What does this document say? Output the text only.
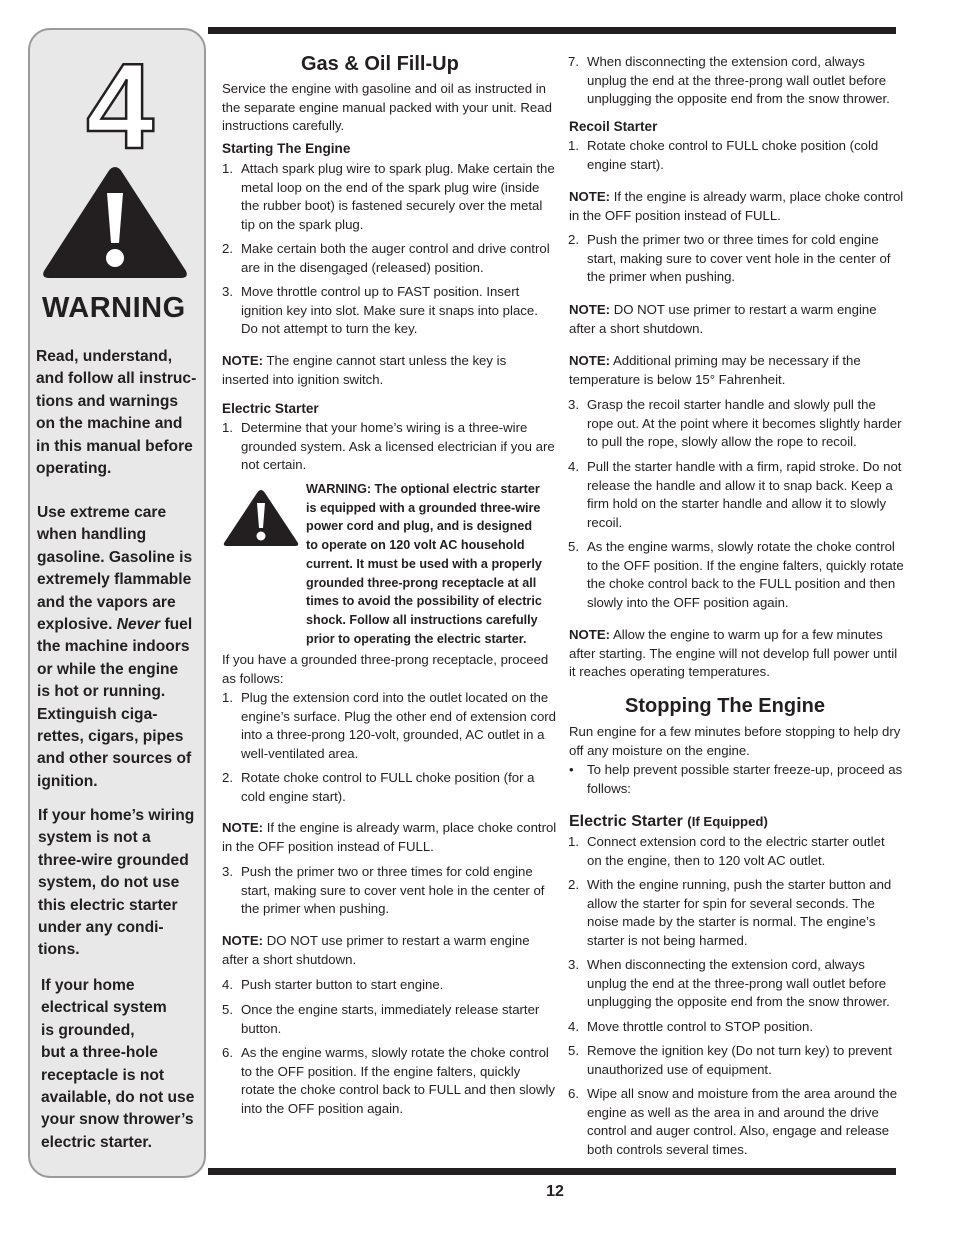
4
WARNING
Read, understand,
and follow all instruc-
tions and warnings
on the machine and
in this manual before
operating.
Use extreme care
when handling
gasoline. Gasoline is
extremely flammable
and the vapors are
explosive. Never fuel
the machine indoors
or while the engine
is hot or running.
Extinguish ciga-
rettes, cigars, pipes
and other sources of
ignition.
If your home’s wiring
system is not a
three-wire grounded
system, do not use
this electric starter
under any condi-
tions.
If your home
electrical system
is grounded,
but a three-hole
receptacle is not
available, do not use
your snow thrower’s
electric starter.
Gas & Oil Fill-Up
Service the engine with gasoline and oil as instructed in
the separate engine manual packed with your unit. Read
instructions carefully.
Starting The Engine
1. Attach spark plug wire to spark plug. Make certain the
metal loop on the end of the spark plug wire (inside
the rubber boot) is fastened securely over the metal
tip on the spark plug.
2. Make certain both the auger control and drive control
are in the disengaged (released) position.
3. Move throttle control up to FAST position. Insert
ignition key into slot. Make sure it snaps into place.
Do not attempt to turn the key.
NOTE: The engine cannot start unless the key is
inserted into ignition switch.
Electric Starter
1. Determine that your home’s wiring is a three-wire
grounded system. Ask a licensed electrician if you are
not certain.
WARNING: The optional electric starter
is equipped with a grounded three-wire
power cord and plug, and is designed
to operate on 120 volt AC household
current. It must be used with a properly
grounded three-prong receptacle at all
times to avoid the possibility of electric
shock. Follow all instructions carefully
prior to operating the electric starter.
If you have a grounded three-prong receptacle, proceed
as follows:
1. Plug the extension cord into the outlet located on the
engine’s surface. Plug the other end of extension cord
into a three-prong 120-volt, grounded, AC outlet in a
well-ventilated area.
2. Rotate choke control to FULL choke position (for a
cold engine start).
NOTE: If the engine is already warm, place choke control
in the OFF position instead of FULL.
3. Push the primer two or three times for cold engine
start, making sure to cover vent hole in the center of
the primer when pushing.
NOTE: DO NOT use primer to restart a warm engine
after a short shutdown.
4. Push starter button to start engine.
5. Once the engine starts, immediately release starter
button.
6. As the engine warms, slowly rotate the choke control
to the OFF position. If the engine falters, quickly
rotate the choke control back to FULL and then slowly
into the OFF position again.
7. When disconnecting the extension cord, always
unplug the end at the three-prong wall outlet before
unplugging the opposite end from the snow thrower.
Recoil Starter
1. Rotate choke control to FULL choke position (cold
engine start).
NOTE: If the engine is already warm, place choke control
in the OFF position instead of FULL.
2. Push the primer two or three times for cold engine
start, making sure to cover vent hole in the center of
the primer when pushing.
NOTE: DO NOT use primer to restart a warm engine
after a short shutdown.
NOTE: Additional priming may be necessary if the
temperature is below 15° Fahrenheit.
3. Grasp the recoil starter handle and slowly pull the
rope out. At the point where it becomes slightly harder
to pull the rope, slowly allow the rope to recoil.
4. Pull the starter handle with a firm, rapid stroke. Do not
release the handle and allow it to snap back. Keep a
firm hold on the starter handle and allow it to slowly
recoil.
5. As the engine warms, slowly rotate the choke control
to the OFF position. If the engine falters, quickly rotate
the choke control back to the FULL position and then
slowly into the OFF position again.
NOTE: Allow the engine to warm up for a few minutes
after starting. The engine will not develop full power until
it reaches operating temperatures.
Stopping The Engine
Run engine for a few minutes before stopping to help dry
off any moisture on the engine.
• To help prevent possible starter freeze-up, proceed as
follows:
Electric Starter (If Equipped)
1. Connect extension cord to the electric starter outlet
on the engine, then to 120 volt AC outlet.
2. With the engine running, push the starter button and
allow the starter for spin for several seconds. The
noise made by the starter is normal. The engine’s
starter is not being harmed.
3. When disconnecting the extension cord, always
unplug the end at the three-prong wall outlet before
unplugging the opposite end from the snow thrower.
4. Move throttle control to STOP position.
5. Remove the ignition key (Do not turn key) to prevent
unauthorized use of equipment.
6. Wipe all snow and moisture from the area around the
engine as well as the area in and around the drive
control and auger control. Also, engage and release
both controls several times.
12
